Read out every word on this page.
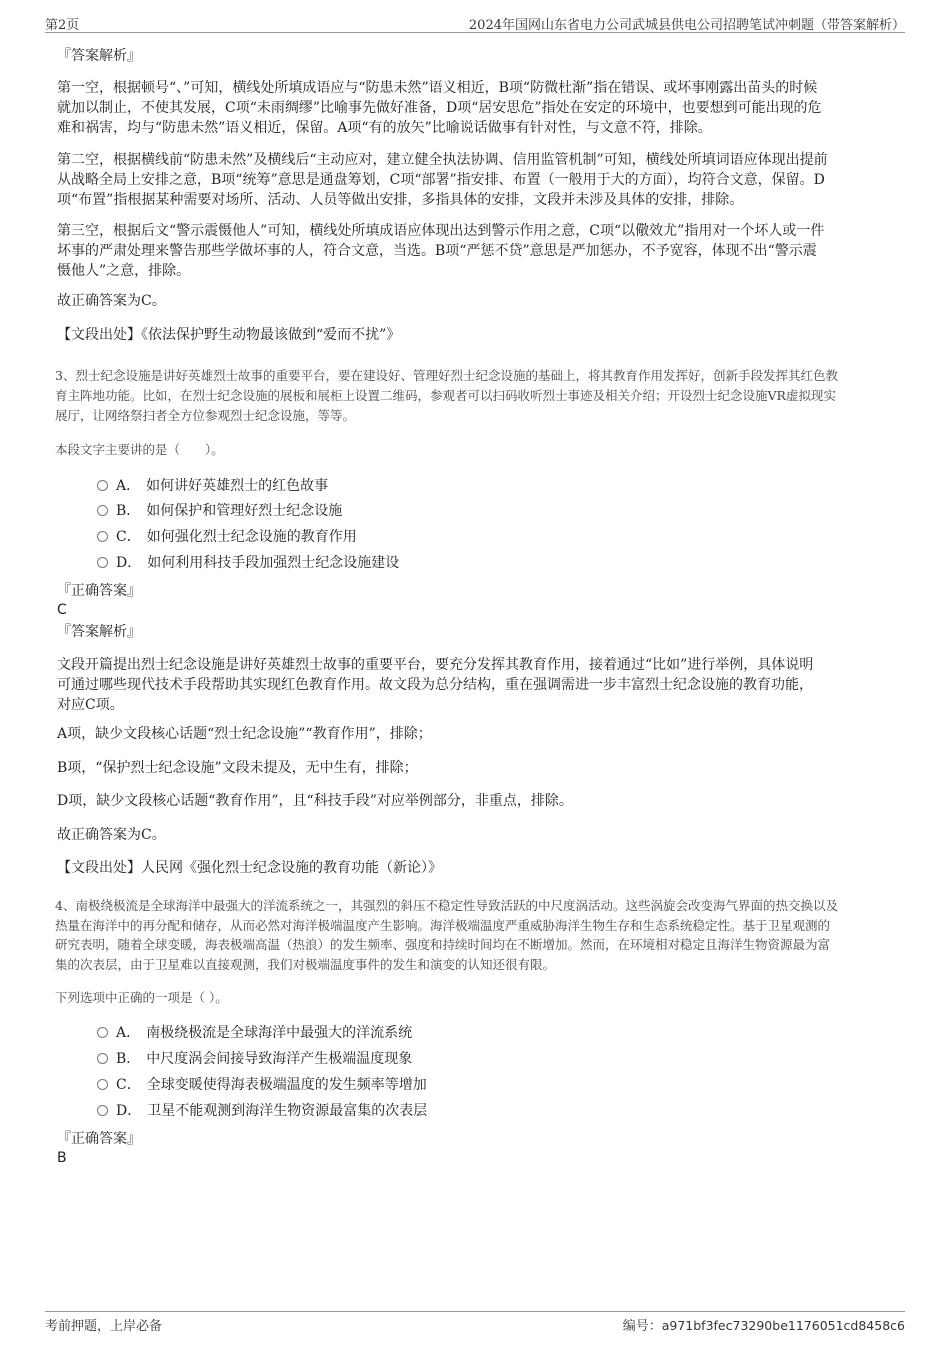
第2页	2024年国网山东省电力公司武城县供电公司招聘笔试冲刺题（带答案解析）
『答案解析』
第一空，根据顿号“、”可知，横线处所填成语应与“防患未然”语义相近，B项“防微杜渐”指在错误、或坏事刚露出苗头的时候
就加以制止，不使其发展，C项“未雨绸缪”比喻事先做好准备，D项“居安思危”指处在安定的环境中，也要想到可能出现的危
难和祸害，均与“防患未然”语义相近，保留。A项“有的放矢”比喻说话做事有针对性，与文意不符，排除。
第二空，根据横线前“防患未然”及横线后“主动应对，建立健全执法协调、信用监管机制”可知，横线处所填词语应体现出提前
从战略全局上安排之意，B项“统筹”意思是通盘筹划，C项“部署”指安排、布置（一般用于大的方面），均符合文意，保留。D
项“布置”指根据某种需要对场所、活动、人员等做出安排，多指具体的安排，文段并未涉及具体的安排，排除。
第三空，根据后文“警示震慑他人”可知，横线处所填成语应体现出达到警示作用之意，C项“以儆效尤”指用对一个坏人或一件
坏事的严肃处理来警告那些学做坏事的人，符合文意，当选。B项“严惩不贷”意思是严加惩办，不予宽容，体现不出“警示震
慑他人”之意，排除。
故正确答案为C。
【文段出处】《依法保护野生动物最该做到“爱而不扰”》
3、烈士纪念设施是讲好英雄烈士故事的重要平台，要在建设好、管理好烈士纪念设施的基础上，将其教育作用发挥好，创新手段发挥其红色教
育主阵地功能。比如，在烈士纪念设施的展板和展柜上设置二维码，参观者可以扫码收听烈士事迹及相关介绍；开设烈士纪念设施VR虚拟现实
展厅，让网络祭扫者全方位参观烈士纪念设施，等等。
本段文字主要讲的是（　　）。
A． 如何讲好英雄烈士的红色故事
B． 如何保护和管理好烈士纪念设施
C． 如何强化烈士纪念设施的教育作用
D． 如何利用科技手段加强烈士纪念设施建设
『正确答案』
C
『答案解析』
文段开篇提出烈士纪念设施是讲好英雄烈士故事的重要平台，要充分发挥其教育作用，接着通过“比如”进行举例，具体说明
可通过哪些现代技术手段帮助其实现红色教育作用。故文段为总分结构，重在强调需进一步丰富烈士纪念设施的教育功能，
对应C项。
A项，缺少文段核心话题“烈士纪念设施”“教育作用”，排除；
B项，“保护烈士纪念设施”文段未提及，无中生有，排除；
D项，缺少文段核心话题“教育作用”，且“科技手段”对应举例部分，非重点，排除。
故正确答案为C。
【文段出处】人民网《强化烈士纪念设施的教育功能（新论）》
4、南极绕极流是全球海洋中最强大的洋流系统之一，其强烈的斜压不稳定性导致活跃的中尺度涡活动。这些涡旋会改变海气界面的热交换以及
热量在海洋中的再分配和储存，从而必然对海洋极端温度产生影响。海洋极端温度严重威胁海洋生物生存和生态系统稳定性。基于卫星观测的
研究表明，随着全球变暖，海表极端高温（热浪）的发生频率、强度和持续时间均在不断增加。然而，在环境相对稳定且海洋生物资源最为富
集的次表层，由于卫星难以直接观测，我们对极端温度事件的发生和演变的认知还很有限。
下列选项中正确的一项是（ ）。
A． 南极绕极流是全球海洋中最强大的洋流系统
B． 中尺度涡会间接导致海洋产生极端温度现象
C． 全球变暖使得海表极端温度的发生频率等增加
D． 卫星不能观测到海洋生物资源最富集的次表层
『正确答案』
B
考前押题，上岸必备	编号：a971bf3fec73290be1176051cd8458c6
